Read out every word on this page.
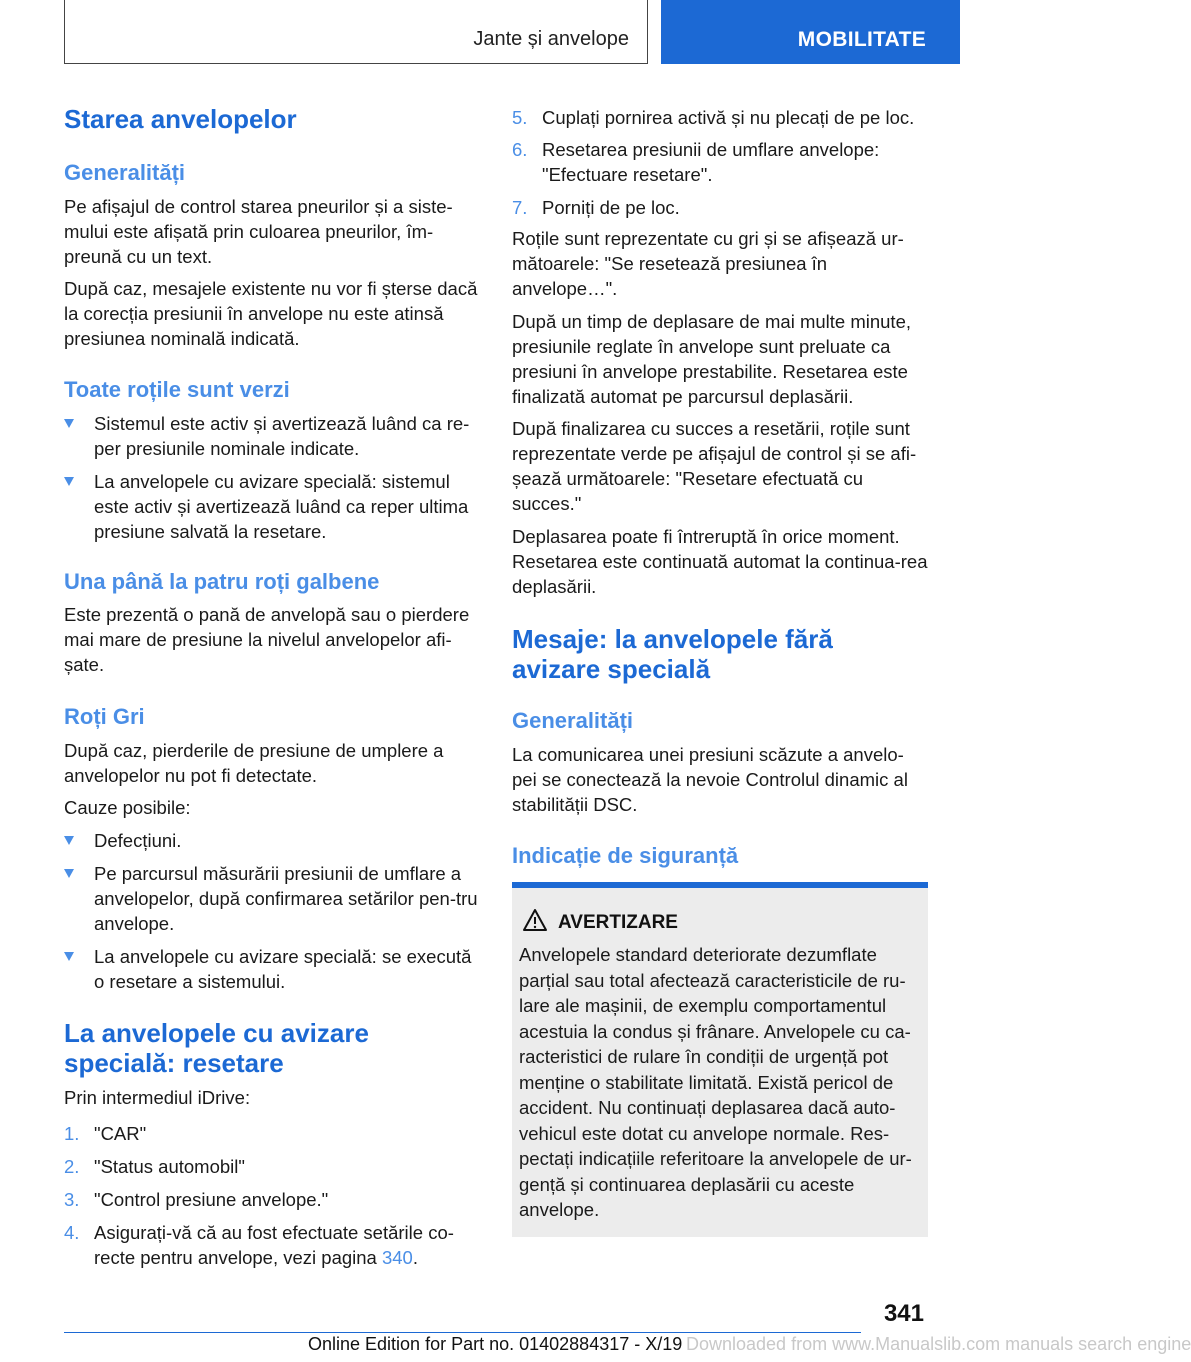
Jante și anvelope	MOBILITATE
Starea anvelopelor
Generalități

Pe afișajul de control starea pneurilor și a siste-mului este afișată prin culoarea pneurilor, îm-preună cu un text.

După caz, mesajele existente nu vor fi șterse dacă la corecția presiunii în anvelope nu este atinsă presiunea nominală indicată.

Toate roțile sunt verzi
Sistemul este activ și avertizează luând ca re-per presiunile nominale indicate.
La anvelopele cu avizare specială: sistemul este activ și avertizează luând ca reper ultima presiune salvată la resetare.
Una până la patru roți galbene

Este prezentă o pană de anvelopă sau o pierdere mai mare de presiune la nivelul anvelopelor afi-șate.

Roți Gri

După caz, pierderile de presiune de umplere a anvelopelor nu pot fi detectate.

Cauze posibile:

Defecțiuni.
Pe parcursul măsurării presiunii de umflare a anvelopelor, după confirmarea setărilor pen-tru anvelope.
La anvelopele cu avizare specială: se execută o resetare a sistemului.
La anvelopele cu avizare specială: resetare

Prin intermediul iDrive:

1. "CAR"
2. "Status automobil"
3. "Control presiune anvelope."
4. Asigurați-vă că au fost efectuate setările co-recte pentru anvelope, vezi pagina 340.
5. Cuplați pornirea activă și nu plecați de pe loc.
6. Resetarea presiunii de umflare anvelope: "Efectuare resetare".
7. Porniți de pe loc.

Roțile sunt reprezentate cu gri și se afișează ur-mătoarele: "Se resetează presiunea în anvelope…".

După un timp de deplasare de mai multe minute, presiunile reglate în anvelope sunt preluate ca presiuni în anvelope prestabilite. Resetarea este finalizată automat pe parcursul deplasării.

După finalizarea cu succes a resetării, roțile sunt reprezentate verde pe afișajul de control și se afi-șează următoarele: "Resetare efectuată cu succes."

Deplasarea poate fi întreruptă în orice moment. Resetarea este continuată automat la continua-rea deplasării.

Mesaje: la anvelopele fără avizare specială
Generalități

La comunicarea unei presiuni scăzute a anvelo-pei se conectează la nevoie Controlul dinamic al stabilității DSC.

Indicație de siguranță
AVERTIZARE
Anvelopele standard deteriorate dezumflate parțial sau total afectează caracteristicile de ru-lare ale mașinii, de exemplu comportamentul acestuia la condus și frânare. Anvelopele cu ca-racteristici de rulare în condiții de urgență pot menține o stabilitate limitată. Există pericol de accident. Nu continuați deplasarea dacă auto-vehicul este dotat cu anvelope normale. Res-pectați indicațiile referitoare la anvelopele de ur-gență și continuarea deplasării cu aceste anvelope.
341
Online Edition for Part no. 01402884317 - X/19 Downloaded from www.Manualslib.com manuals search engine
